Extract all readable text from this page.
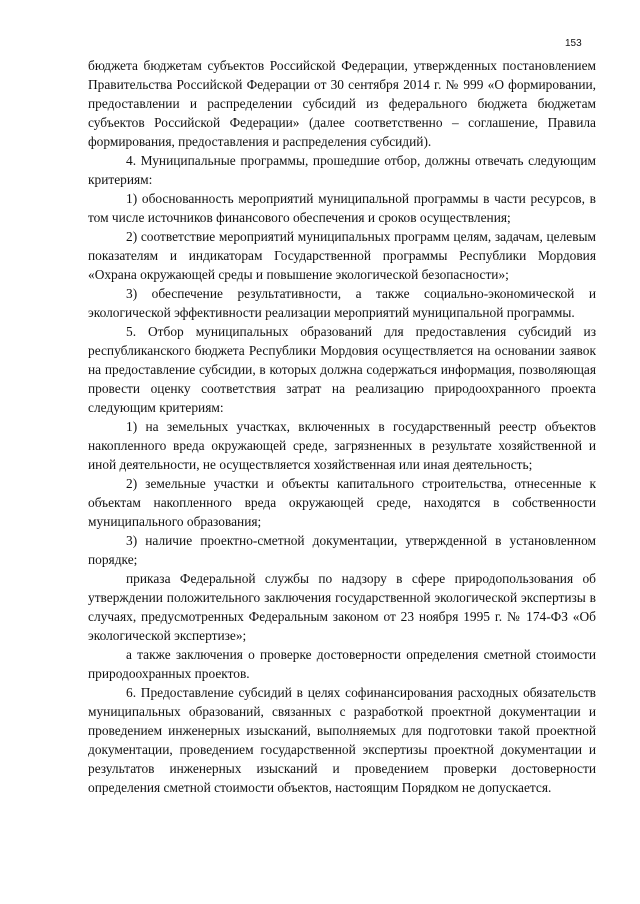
153

бюджета бюджетам субъектов Российской Федерации, утвержденных постановлением Правительства Российской Федерации от 30 сентября 2014 г. № 999 «О формировании, предоставлении и распределении субсидий из федерального бюджета бюджетам субъектов Российской Федерации» (далее соответственно – соглашение, Правила формирования, предоставления и распределения субсидий).

4. Муниципальные программы, прошедшие отбор, должны отвечать следующим критериям:

1) обоснованность мероприятий муниципальной программы в части ресурсов, в том числе источников финансового обеспечения и сроков осуществления;

2) соответствие мероприятий муниципальных программ целям, задачам, целевым показателям и индикаторам Государственной программы Республики Мордовия «Охрана окружающей среды и повышение экологической безопасности»;

3) обеспечение результативности, а также социально-экономической и экологической эффективности реализации мероприятий муниципальной программы.

5. Отбор муниципальных образований для предоставления субсидий из республиканского бюджета Республики Мордовия осуществляется на основании заявок на предоставление субсидии, в которых должна содержаться информация, позволяющая провести оценку соответствия затрат на реализацию природоохранного проекта следующим критериям:

1) на земельных участках, включенных в государственный реестр объектов накопленного вреда окружающей среде, загрязненных в результате хозяйственной и иной деятельности, не осуществляется хозяйственная или иная деятельность;

2) земельные участки и объекты капитального строительства, отнесенные к объектам накопленного вреда окружающей среде, находятся в собственности муниципального образования;

3) наличие проектно-сметной документации, утвержденной в установленном порядке;

приказа Федеральной службы по надзору в сфере природопользования об утверждении положительного заключения государственной экологической экспертизы в случаях, предусмотренных Федеральным законом от 23 ноября 1995 г. № 174-ФЗ «Об экологической экспертизе»;

а также заключения о проверке достоверности определения сметной стоимости природоохранных проектов.

6. Предоставление субсидий в целях софинансирования расходных обязательств муниципальных образований, связанных с разработкой проектной документации и проведением инженерных изысканий, выполняемых для подготовки такой проектной документации, проведением государственной экспертизы проектной документации и результатов инженерных изысканий и проведением проверки достоверности определения сметной стоимости объектов, настоящим Порядком не допускается.
